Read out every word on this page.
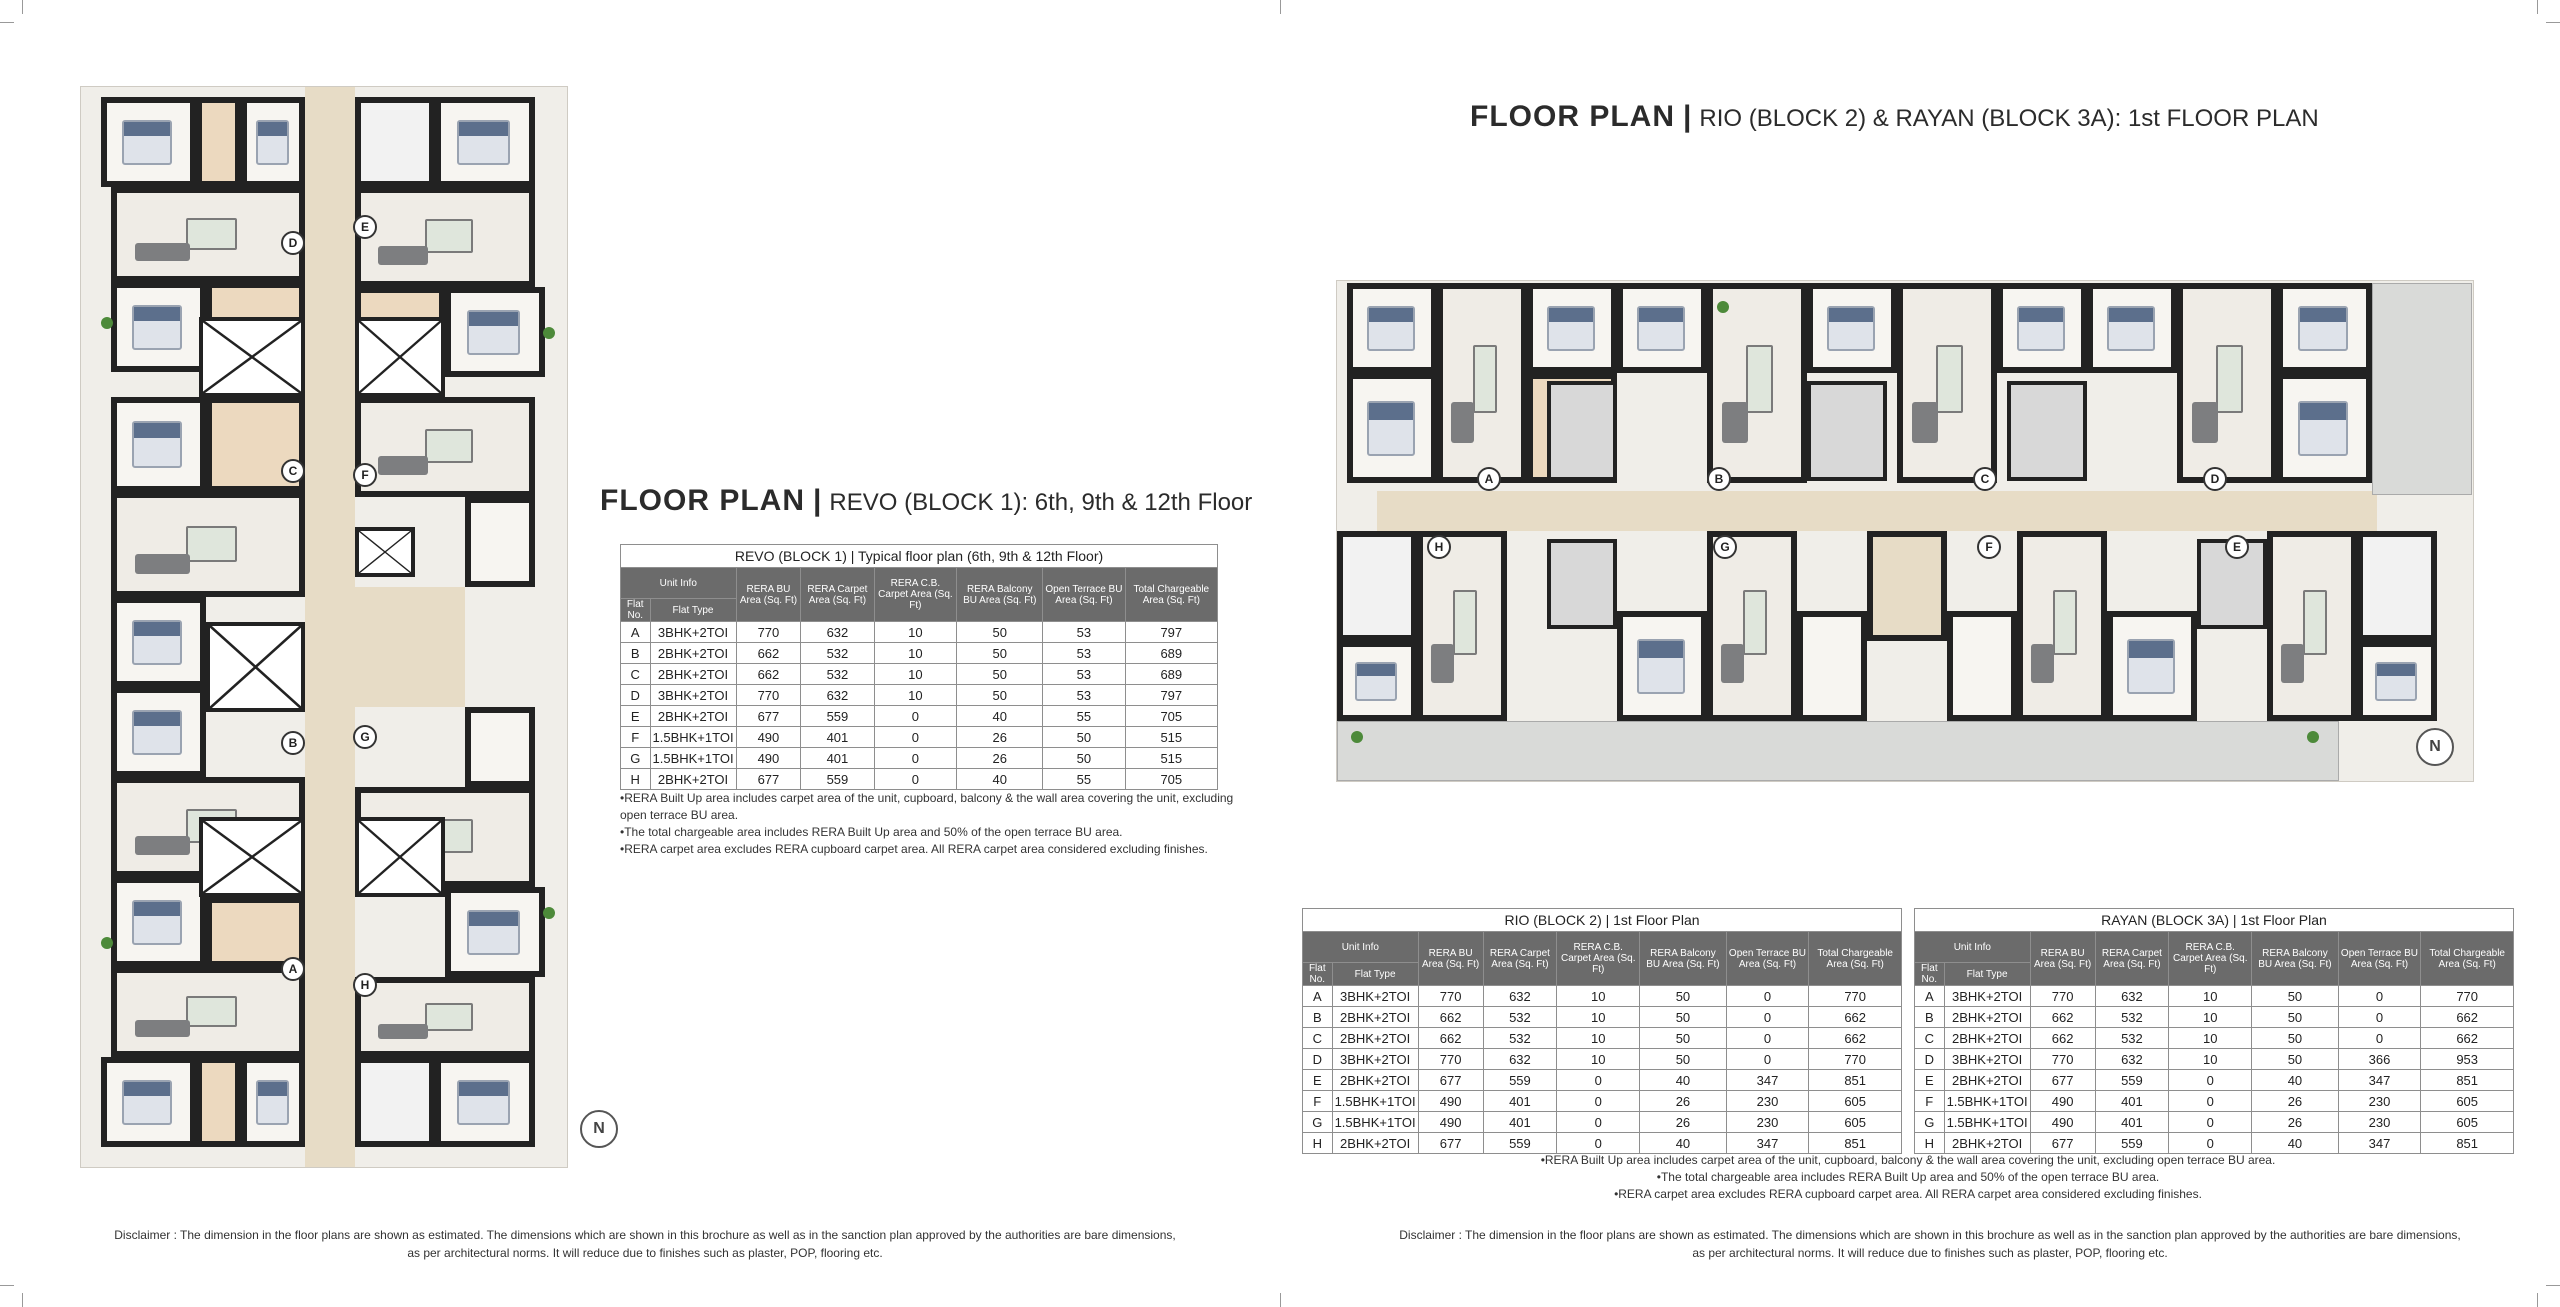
D
E
C	F
B	G
A
H
N
FLOOR PLAN | REVO (BLOCK 1): 6th, 9th & 12th Floor
REVO (BLOCK 1) | Typical floor plan (6th, 9th & 12th Floor)							
Unit Info		RERA BU Area (Sq. Ft)	RERA Carpet Area (Sq. Ft)	RERA C.B. Carpet Area (Sq. Ft)	RERA Balcony BU Area (Sq. Ft)	Open Terrace BU Area (Sq. Ft)	Total Chargeable Area (Sq. Ft)
Flat No.	Flat Type						
A	3BHK+2TOI	770	632	10	50	53	797
B	2BHK+2TOI	662	532	10	50	53	689
C	2BHK+2TOI	662	532	10	50	53	689
D	3BHK+2TOI	770	632	10	50	53	797
E	2BHK+2TOI	677	559	0	40	55	705
F	1.5BHK+1TOI	490	401	0	26	50	515
G	1.5BHK+1TOI	490	401	0	26	50	515
H	2BHK+2TOI	677	559	0	40	55	705
•RERA Built Up area includes carpet area of the unit, cupboard, balcony & the wall area covering the unit, excluding open terrace BU area.
•The total chargeable area includes RERA Built Up area and 50% of the open terrace BU area.
•RERA carpet area excludes RERA cupboard carpet area. All RERA carpet area considered excluding finishes.
Disclaimer : The dimension in the floor plans are shown as estimated. The dimensions which are shown in this brochure as well as in the sanction plan approved by the authorities are bare dimensions,
as per architectural norms. It will reduce due to finishes such as plaster, POP, flooring etc.
FLOOR PLAN | RIO (BLOCK 2) & RAYAN (BLOCK 3A): 1st FLOOR PLAN
A	B	C	D
H	G	F	E
N
RIO (BLOCK 2) | 1st Floor Plan							
Unit Info		RERA BU Area (Sq. Ft)	RERA Carpet Area (Sq. Ft)	RERA C.B. Carpet Area (Sq. Ft)	RERA Balcony BU Area (Sq. Ft)	Open Terrace BU Area (Sq. Ft)	Total Chargeable Area (Sq. Ft)
Flat No.	Flat Type						
A	3BHK+2TOI	770	632	10	50	0	770
B	2BHK+2TOI	662	532	10	50	0	662
C	2BHK+2TOI	662	532	10	50	0	662
D	3BHK+2TOI	770	632	10	50	0	770
E	2BHK+2TOI	677	559	0	40	347	851
F	1.5BHK+1TOI	490	401	0	26	230	605
G	1.5BHK+1TOI	490	401	0	26	230	605
H	2BHK+2TOI	677	559	0	40	347	851
RAYAN (BLOCK 3A) | 1st Floor Plan							
Unit Info		RERA BU Area (Sq. Ft)	RERA Carpet Area (Sq. Ft)	RERA C.B. Carpet Area (Sq. Ft)	RERA Balcony BU Area (Sq. Ft)	Open Terrace BU Area (Sq. Ft)	Total Chargeable Area (Sq. Ft)
Flat No.	Flat Type						
A	3BHK+2TOI	770	632	10	50	0	770
B	2BHK+2TOI	662	532	10	50	0	662
C	2BHK+2TOI	662	532	10	50	0	662
D	3BHK+2TOI	770	632	10	50	366	953
E	2BHK+2TOI	677	559	0	40	347	851
F	1.5BHK+1TOI	490	401	0	26	230	605
G	1.5BHK+1TOI	490	401	0	26	230	605
H	2BHK+2TOI	677	559	0	40	347	851
•RERA Built Up area includes carpet area of the unit, cupboard, balcony & the wall area covering the unit, excluding open terrace BU area.
•The total chargeable area includes RERA Built Up area and 50% of the open terrace BU area.
•RERA carpet area excludes RERA cupboard carpet area. All RERA carpet area considered excluding finishes.
Disclaimer : The dimension in the floor plans are shown as estimated. The dimensions which are shown in this brochure as well as in the sanction plan approved by the authorities are bare dimensions,
as per architectural norms. It will reduce due to finishes such as plaster, POP, flooring etc.
